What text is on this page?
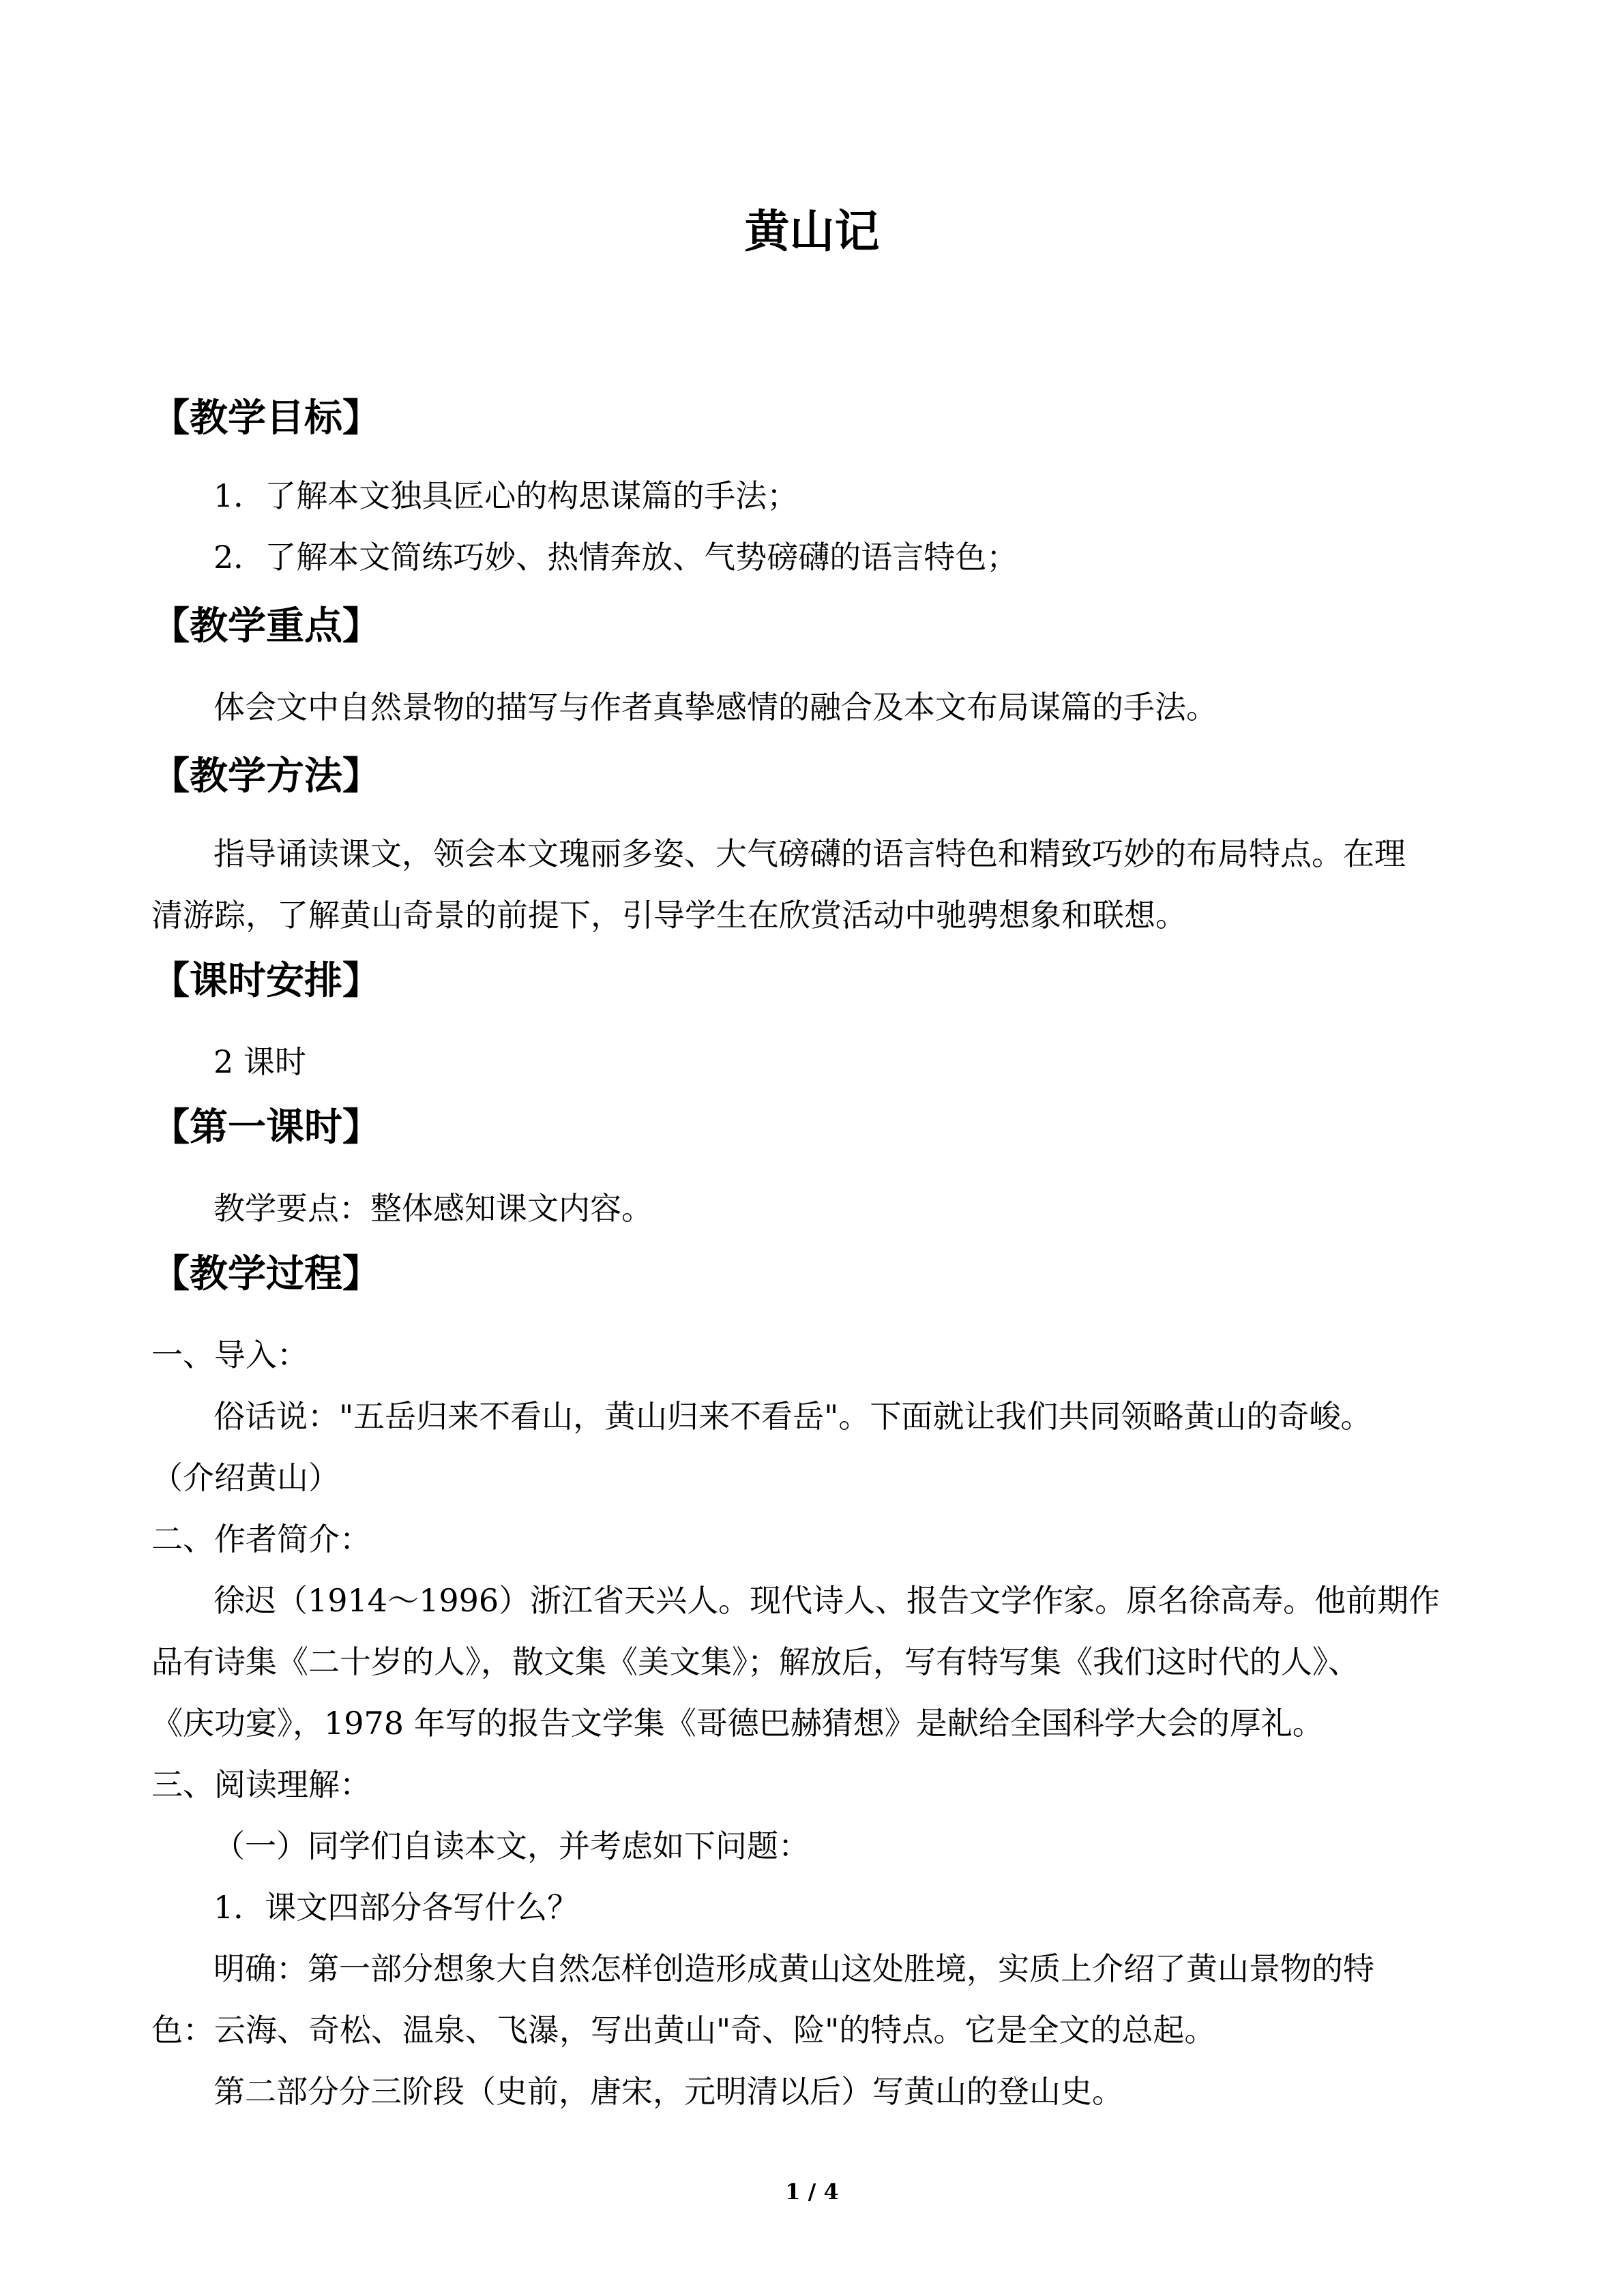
黄山记
【教学目标】
1．了解本文独具匠心的构思谋篇的手法；
2．了解本文简练巧妙、热情奔放、气势磅礴的语言特色；
【教学重点】
体会文中自然景物的描写与作者真挚感情的融合及本文布局谋篇的手法。
【教学方法】
指导诵读课文，领会本文瑰丽多姿、大气磅礴的语言特色和精致巧妙的布局特点。在理
清游踪，了解黄山奇景的前提下，引导学生在欣赏活动中驰骋想象和联想。
【课时安排】
2 课时
【第一课时】
教学要点：整体感知课文内容。
【教学过程】
一、导入：
俗话说："五岳归来不看山，黄山归来不看岳"。下面就让我们共同领略黄山的奇峻。
（介绍黄山）
二、作者简介：
徐迟（1914～1996）浙江省天兴人。现代诗人、报告文学作家。原名徐高寿。他前期作
品有诗集《二十岁的人》，散文集《美文集》；解放后，写有特写集《我们这时代的人》、
《庆功宴》，1978 年写的报告文学集《哥德巴赫猜想》是献给全国科学大会的厚礼。
三、阅读理解：
（一）同学们自读本文，并考虑如下问题：
1．课文四部分各写什么？
明确：第一部分想象大自然怎样创造形成黄山这处胜境，实质上介绍了黄山景物的特
色：云海、奇松、温泉、飞瀑，写出黄山"奇、险"的特点。它是全文的总起。
第二部分分三阶段（史前，唐宋，元明清以后）写黄山的登山史。
1 / 4
